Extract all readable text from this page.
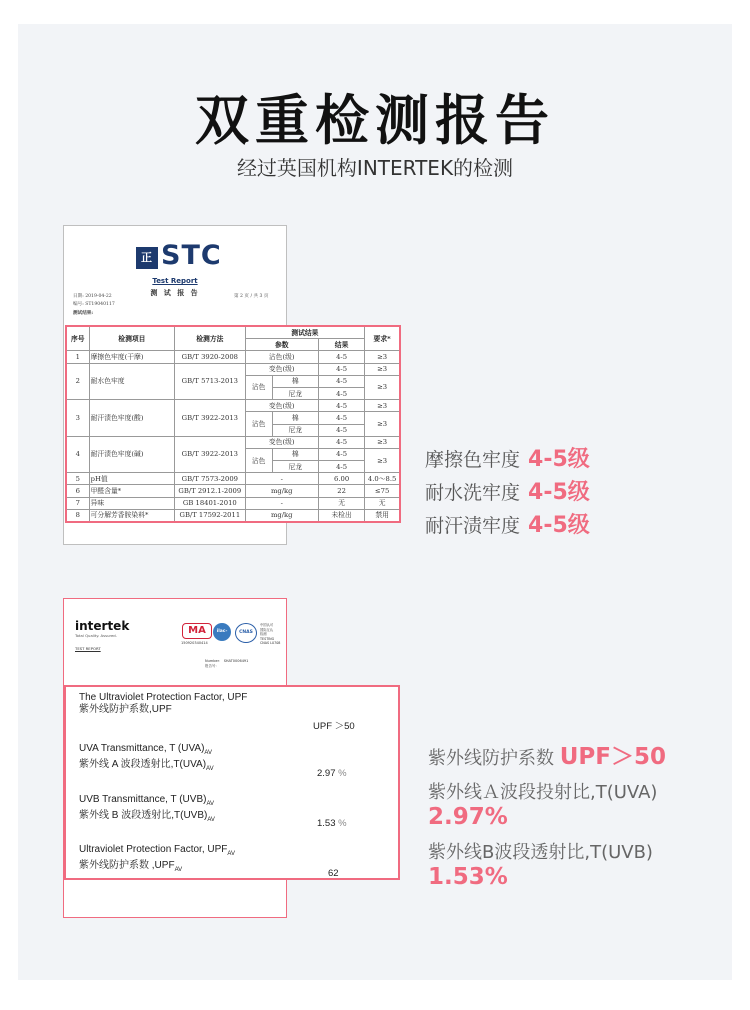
双重检测报告
经过英国机构INTERTEK的检测
正 STC
Test Report
测 试 报 告
日期: 2019-04-22
编号: ST19040117
第 2 页 / 共 3 页
测试结果:
序号	检测项目	检测方法	测试结果			要求*
			参数		结果	
1	摩擦色牢度(干摩)	GB/T 3920-2008	沾色(级)		4-5	≥3
2	耐水色牢度	GB/T 5713-2013	变色(级)		4-5	≥3
			沾色	棉	4-5	≥3
				尼龙	4-5	
3	耐汗渍色牢度(酸)	GB/T 3922-2013	变色(级)		4-5	≥3
			沾色	棉	4-5	≥3
				尼龙	4-5	
4	耐汗渍色牢度(碱)	GB/T 3922-2013	变色(级)		4-5	≥3
			沾色	棉	4-5	≥3
				尼龙	4-5	
5	pH值	GB/T 7573-2009	-		6.00	4.0～8.5
6	甲醛含量*	GB/T 2912.1-2009	mg/kg		22	≤75
7	异味	GB 18401-2010	-		无	无
8	可分解芳香胺染料*	GB/T 17592-2011	mg/kg		未检出	禁用
摩擦色牢度 4-5级
耐水洗牢度 4-5级
耐汗渍牢度 4-5级
intertek
Total Quality. Assured.	MA
150920340414
ilac-MRA
CNAS
中国认可
国际互认
检测
TESTING
CNAS L0708
TEST REPORT
Number： SHAT0006491
报告号：
The Ultraviolet Protection Factor, UPF
紫外线防护系数,UPF
UPF ＞50
UVA Transmittance, T $(UVA)_{AV}$
紫外线 A 波段透射比$,T(UVA)_{AV}$	2.97 %
UVB Transmittance, T $(UVB)_{AV}$
紫外线 B 波段透射比$,T(UVB)_{AV}$	1.53 %
Ultraviolet Protection Factor, $UPF_{AV}$
紫外线防护系数 $,UPF_{AV}$	62
紫外线防护系数 UPF＞50
紫外线Ａ波段投射比,T(UVA)
2.97%
紫外线B波段透射比,T(UVB)
1.53%
